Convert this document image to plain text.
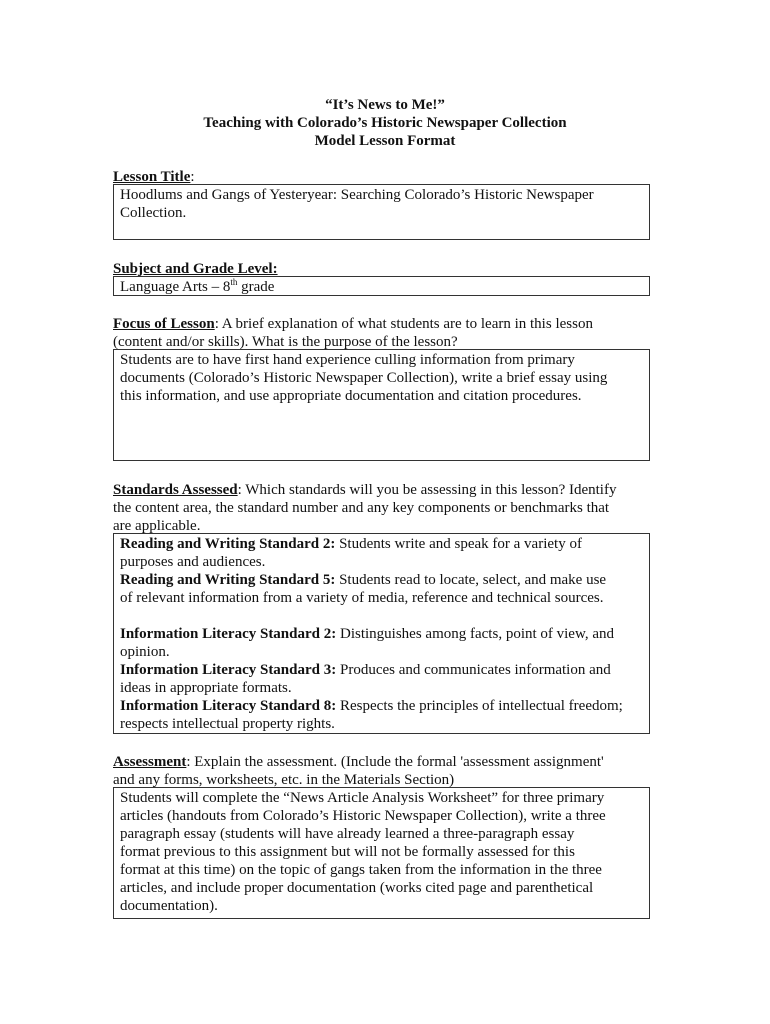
“It’s News to Me!”
Teaching with Colorado’s Historic Newspaper Collection
Model Lesson Format
Lesson Title:

Hoodlums and Gangs of Yesteryear: Searching Colorado’s Historic Newspaper

Collection.

Subject and Grade Level:

Language Arts – 8th grade

Focus of Lesson: A brief explanation of what students are to learn in this lesson
(content and/or skills). What is the purpose of the lesson?

Students are to have first hand experience culling information from primary

documents (Colorado’s Historic Newspaper Collection), write a brief essay using

this information, and use appropriate documentation and citation procedures.

Standards Assessed: Which standards will you be assessing in this lesson? Identify
the content area, the standard number and any key components or benchmarks that
are applicable.

Reading and Writing Standard 2: Students write and speak for a variety of

purposes and audiences.

Reading and Writing Standard 5: Students read to locate, select, and make use

of relevant information from a variety of media, reference and technical sources.

Information Literacy Standard 2: Distinguishes among facts, point of view, and

opinion.

Information Literacy Standard 3: Produces and communicates information and

ideas in appropriate formats.

Information Literacy Standard 8: Respects the principles of intellectual freedom;

respects intellectual property rights.

Assessment: Explain the assessment. (Include the formal 'assessment assignment'
and any forms, worksheets, etc. in the Materials Section)

Students will complete the “News Article Analysis Worksheet” for three primary

articles (handouts from Colorado’s Historic Newspaper Collection), write a three

paragraph essay (students will have already learned a three-paragraph essay

format previous to this assignment but will not be formally assessed for this

format at this time) on the topic of gangs taken from the information in the three

articles, and include proper documentation (works cited page and parenthetical

documentation).
